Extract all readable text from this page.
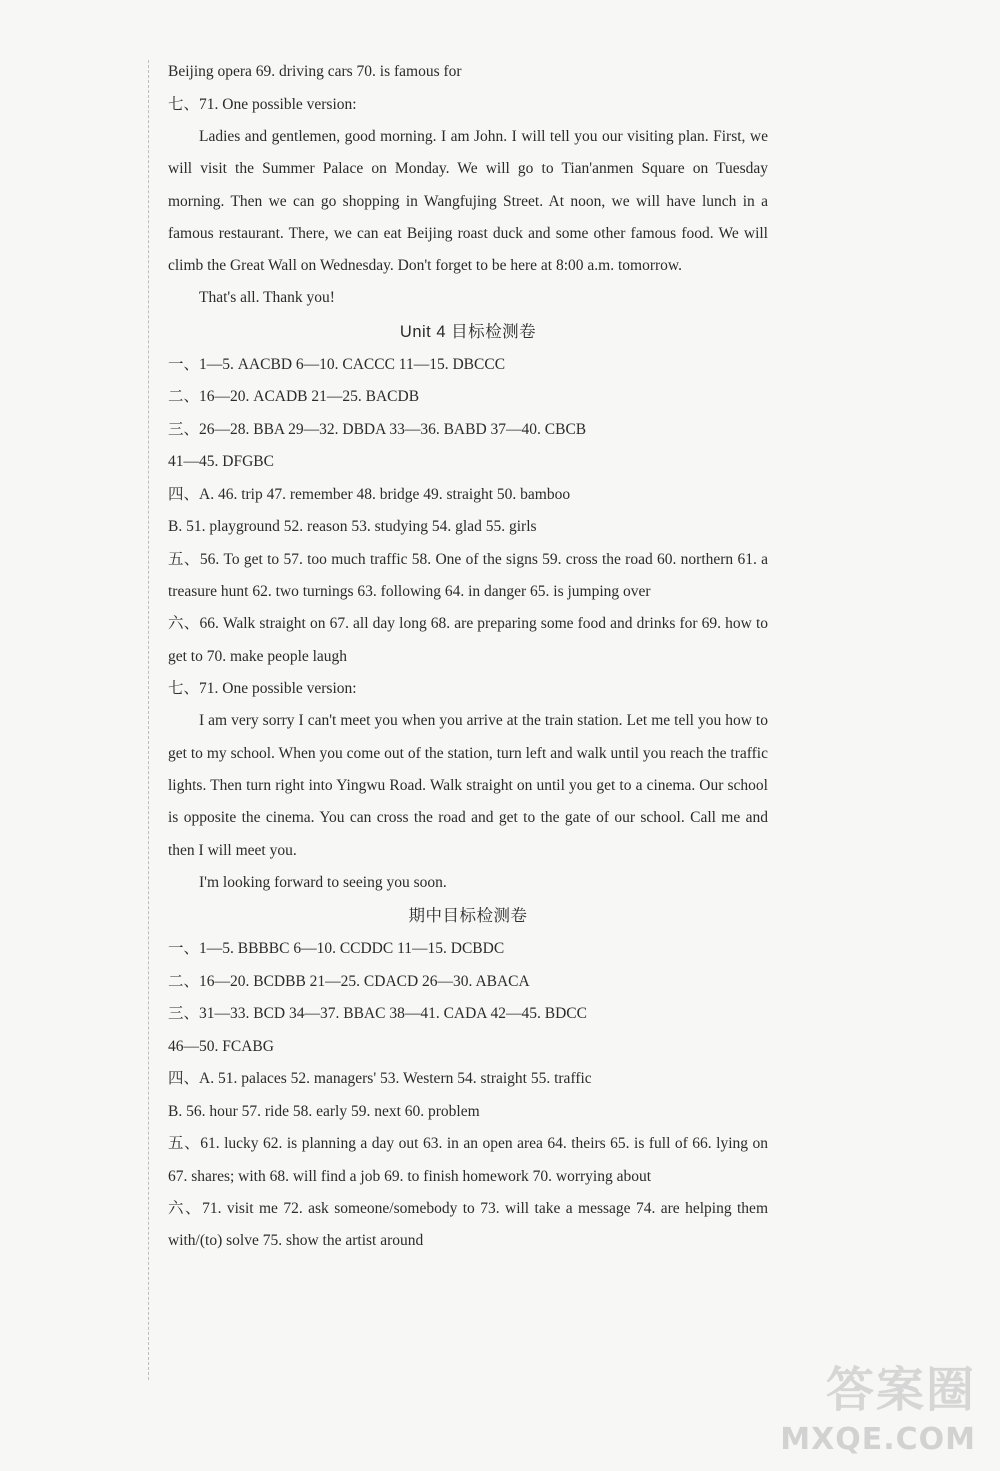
Beijing opera 69. driving cars 70. is famous for
七、71. One possible version:
Ladies and gentlemen, good morning. I am John. I will tell you our visiting plan. First, we will visit the Summer Palace on Monday. We will go to Tian'anmen Square on Tuesday morning. Then we can go shopping in Wangfujing Street. At noon, we will have lunch in a famous restaurant. There, we can eat Beijing roast duck and some other famous food. We will climb the Great Wall on Wednesday. Don't forget to be here at 8:00 a.m. tomorrow.
That's all. Thank you!
Unit 4 目标检测卷
一、1—5. AACBD 6—10. CACCC 11—15. DBCCC
二、16—20. ACADB 21—25. BACDB
三、26—28. BBA 29—32. DBDA 33—36. BABD 37—40. CBCB
41—45. DFGBC
四、A. 46. trip 47. remember 48. bridge 49. straight 50. bamboo
B. 51. playground 52. reason 53. studying 54. glad 55. girls
五、56. To get to 57. too much traffic 58. One of the signs 59. cross the road 60. northern 61. a treasure hunt 62. two turnings 63. following 64. in danger 65. is jumping over
六、66. Walk straight on 67. all day long 68. are preparing some food and drinks for 69. how to get to 70. make people laugh
七、71. One possible version:
I am very sorry I can't meet you when you arrive at the train station. Let me tell you how to get to my school. When you come out of the station, turn left and walk until you reach the traffic lights. Then turn right into Yingwu Road. Walk straight on until you get to a cinema. Our school is opposite the cinema. You can cross the road and get to the gate of our school. Call me and then I will meet you.
I'm looking forward to seeing you soon.
期中目标检测卷
一、1—5. BBBBC 6—10. CCDDC 11—15. DCBDC
二、16—20. BCDBB 21—25. CDACD 26—30. ABACA
三、31—33. BCD 34—37. BBAC 38—41. CADA 42—45. BDCC
46—50. FCABG
四、A. 51. palaces 52. managers' 53. Western 54. straight 55. traffic
B. 56. hour 57. ride 58. early 59. next 60. problem
五、61. lucky 62. is planning a day out 63. in an open area 64. theirs 65. is full of 66. lying on 67. shares; with 68. will find a job 69. to finish homework 70. worrying about
六、71. visit me 72. ask someone/somebody to 73. will take a message 74. are helping them with/(to) solve 75. show the artist around
答案圈
MXQE.COM
